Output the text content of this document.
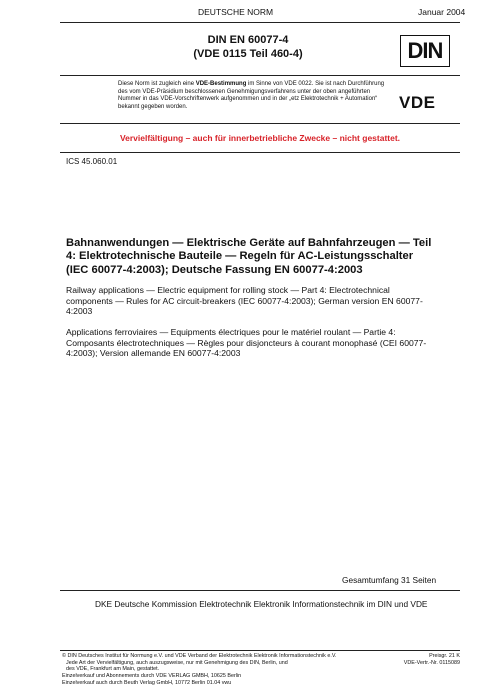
DEUTSCHE NORM	Januar 2004
DIN EN 60077-4
(VDE 0115 Teil 460-4)	DIN
Diese Norm ist zugleich eine VDE-Bestimmung im Sinne von VDE 0022. Sie ist nach Durchführung des vom VDE-Präsidium beschlossenen Genehmigungsverfahrens unter der oben angeführten Nummer in das VDE-Vorschriftenwerk aufgenommen und in der „etz Elektrotechnik + Automation“ bekannt gegeben worden.	VDE
Vervielfältigung – auch für innerbetriebliche Zwecke – nicht gestattet.
ICS 45.060.01
Bahnanwendungen — Elektrische Geräte auf Bahnfahrzeugen — Teil 4: Elektrotechnische Bauteile — Regeln für AC-Leistungsschalter (IEC 60077-4:2003); Deutsche Fassung EN 60077-4:2003
Railway applications — Electric equipment for rolling stock — Part 4: Electrotechnical components — Rules for AC circuit-breakers (IEC 60077-4:2003); German version EN 60077-4:2003
Applications ferroviaires — Equipments électriques pour le matériel roulant — Partie 4: Composants électrotechniques — Règles pour disjoncteurs à courant monophasé (CEI 60077-4:2003); Version allemande EN 60077-4:2003
Gesamtumfang 31 Seiten
DKE Deutsche Kommission Elektrotechnik Elektronik Informationstechnik im DIN und VDE
© DIN Deutsches Institut für Normung e.V. und VDE Verband der Elektrotechnik Elektronik Informationstechnik e.V.
Jede Art der Vervielfältigung, auch auszugsweise, nur mit Genehmigung des DIN, Berlin, und
des VDE, Frankfurt am Main, gestattet.
Einzelverkauf und Abonnements durch VDE VERLAG GMBH, 10625 Berlin
Einzelverkauf auch durch Beuth Verlag GmbH, 10772 Berlin 01.04 vwu
Preisgr. 21 K
VDE-Vertr.-Nr. 0115089
